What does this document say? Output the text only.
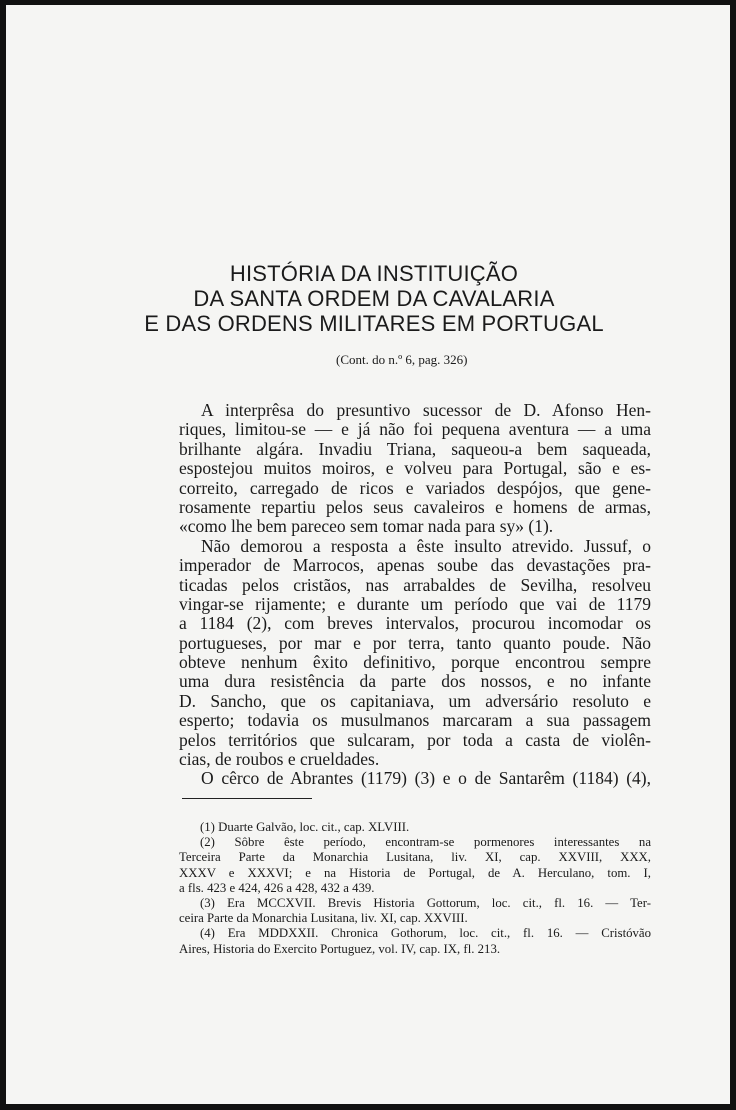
HISTÓRIA DA INSTITUIÇÃO
DA SANTA ORDEM DA CAVALARIA
E DAS ORDENS MILITARES EM PORTUGAL
(Cont. do n.º 6, pag. 326)
A interprêsa do presuntivo sucessor de D. Afonso Hen-
riques, limitou-se — e já não foi pequena aventura — a uma
brilhante algára. Invadiu Triana, saqueou-a bem saqueada,
espostejou muitos moiros, e volveu para Portugal, são e es-
correito, carregado de ricos e variados despójos, que gene-
rosamente repartiu pelos seus cavaleiros e homens de armas,
«como lhe bem pareceo sem tomar nada para sy» (1).
Não demorou a resposta a êste insulto atrevido. Jussuf, o
imperador de Marrocos, apenas soube das devastações pra-
ticadas pelos cristãos, nas arrabaldes de Sevilha, resolveu
vingar-se rijamente; e durante um período que vai de 1179
a 1184 (2), com breves intervalos, procurou incomodar os
portugueses, por mar e por terra, tanto quanto poude. Não
obteve nenhum êxito definitivo, porque encontrou sempre
uma dura resistência da parte dos nossos, e no infante
D. Sancho, que os capitaniava, um adversário resoluto e
esperto; todavia os musulmanos marcaram a sua passagem
pelos territórios que sulcaram, por toda a casta de violên-
cias, de roubos e crueldades.
O cêrco de Abrantes (1179) (3) e o de Santarêm (1184) (4),
(1) Duarte Galvão, loc. cit., cap. XLVIII.
(2) Sôbre êste período, encontram-se pormenores interessantes na
Terceira Parte da Monarchia Lusitana, liv. XI, cap. XXVIII, XXX,
XXXV e XXXVI; e na Historia de Portugal, de A. Herculano, tom. I,
a fls. 423 e 424, 426 a 428, 432 a 439.
(3) Era MCCXVII. Brevis Historia Gottorum, loc. cit., fl. 16. — Ter-
ceira Parte da Monarchia Lusitana, liv. XI, cap. XXVIII.
(4) Era MDDXXII. Chronica Gothorum, loc. cit., fl. 16. — Cristóvão
Aires, Historia do Exercito Portuguez, vol. IV, cap. IX, fl. 213.
